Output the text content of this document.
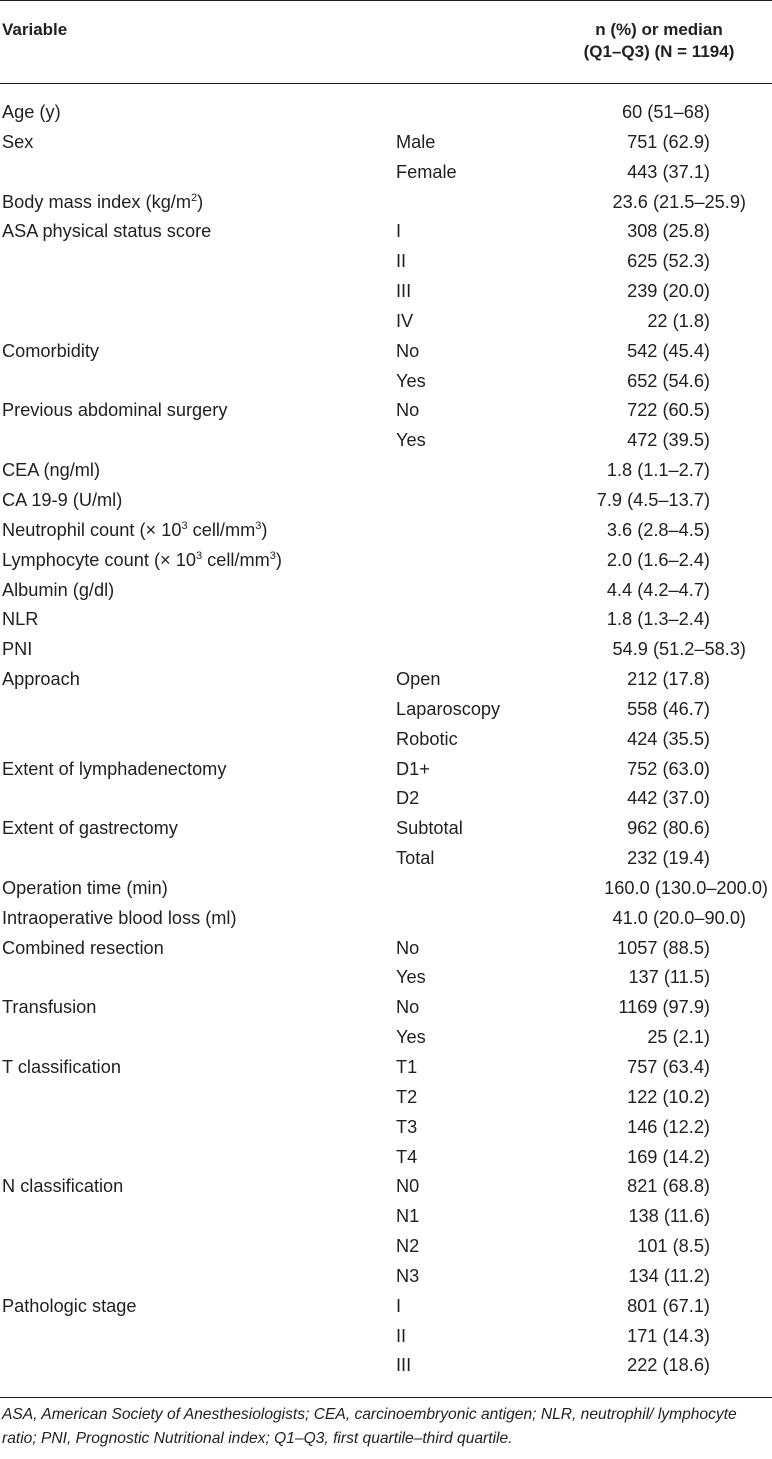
Variable	n (%) or median
(Q1–Q3) (N = 1194)
Age (y)	60 (51–68)
Sex	Male	751 (62.9)
Female	443 (37.1)
Body mass index $(kg/m^2)$	23.6 (21.5–25.9)
ASA physical status score	I	308 (25.8)
II	625 (52.3)
III	239 (20.0)
IV	22 (1.8)
Comorbidity	No	542 (45.4)
Yes	652 (54.6)
Previous abdominal surgery	No	722 (60.5)
Yes	472 (39.5)
CEA (ng/ml)	1.8 (1.1–2.7)
CA 19-9 (U/ml)	7.9 (4.5–13.7)
Neutrophil count (× $10^3$ cell/$mm^3$)	3.6 (2.8–4.5)
Lymphocyte count (× $10^3$ cell/$mm^3$)	2.0 (1.6–2.4)
Albumin (g/dl)	4.4 (4.2–4.7)
NLR	1.8 (1.3–2.4)
PNI	54.9 (51.2–58.3)
Approach	Open	212 (17.8)
Laparoscopy	558 (46.7)
Robotic	424 (35.5)
Extent of lymphadenectomy	D1+	752 (63.0)
D2	442 (37.0)
Extent of gastrectomy	Subtotal	962 (80.6)
Total	232 (19.4)
Operation time (min)	160.0 (130.0–200.0)
Intraoperative blood loss (ml)	41.0 (20.0–90.0)
Combined resection	No	1057 (88.5)
Yes	137 (11.5)
Transfusion	No	1169 (97.9)
Yes	25 (2.1)
T classification	T1	757 (63.4)
T2	122 (10.2)
T3	146 (12.2)
T4	169 (14.2)
N classification	N0	821 (68.8)
N1	138 (11.6)
N2	101 (8.5)
N3	134 (11.2)
Pathologic stage	I	801 (67.1)
II	171 (14.3)
III	222 (18.6)
ASA, American Society of Anesthesiologists; CEA, carcinoembryonic antigen; NLR, neutrophil/ lymphocyte ratio; PNI, Prognostic Nutritional index; Q1–Q3, first quartile–third quartile.
